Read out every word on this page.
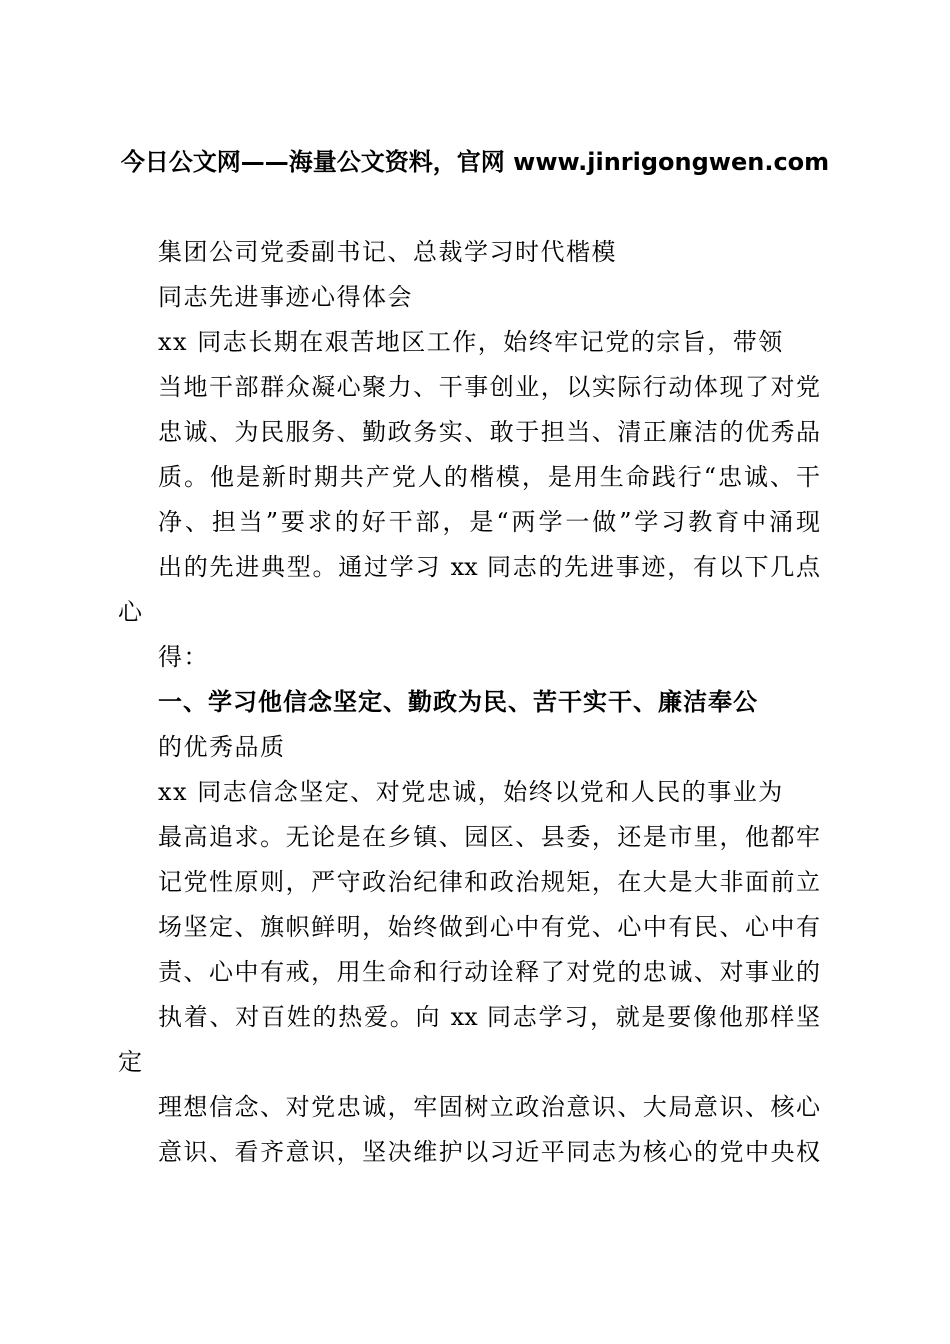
今日公文网——海量公文资料，官网 www.jinrigongwen.com
集团公司党委副书记、总裁学习时代楷模
同志先进事迹心得体会
xx 同志长期在艰苦地区工作，始终牢记党的宗旨，带领
当地干部群众凝心聚力、干事创业，以实际行动体现了对党
忠诚、为民服务、勤政务实、敢于担当、清正廉洁的优秀品
质。他是新时期共产党人的楷模，是用生命践行“忠诚、干
净、担当”要求的好干部，是“两学一做”学习教育中涌现
出的先进典型。通过学习 xx 同志的先进事迹，有以下几点
心
得：
一、学习他信念坚定、勤政为民、苦干实干、廉洁奉公
的优秀品质
xx 同志信念坚定、对党忠诚，始终以党和人民的事业为
最高追求。无论是在乡镇、园区、县委，还是市里，他都牢
记党性原则，严守政治纪律和政治规矩，在大是大非面前立
场坚定、旗帜鲜明，始终做到心中有党、心中有民、心中有
责、心中有戒，用生命和行动诠释了对党的忠诚、对事业的
执着、对百姓的热爱。向 xx 同志学习，就是要像他那样坚
定
理想信念、对党忠诚，牢固树立政治意识、大局意识、核心
意识、看齐意识，坚决维护以习近平同志为核心的党中央权
